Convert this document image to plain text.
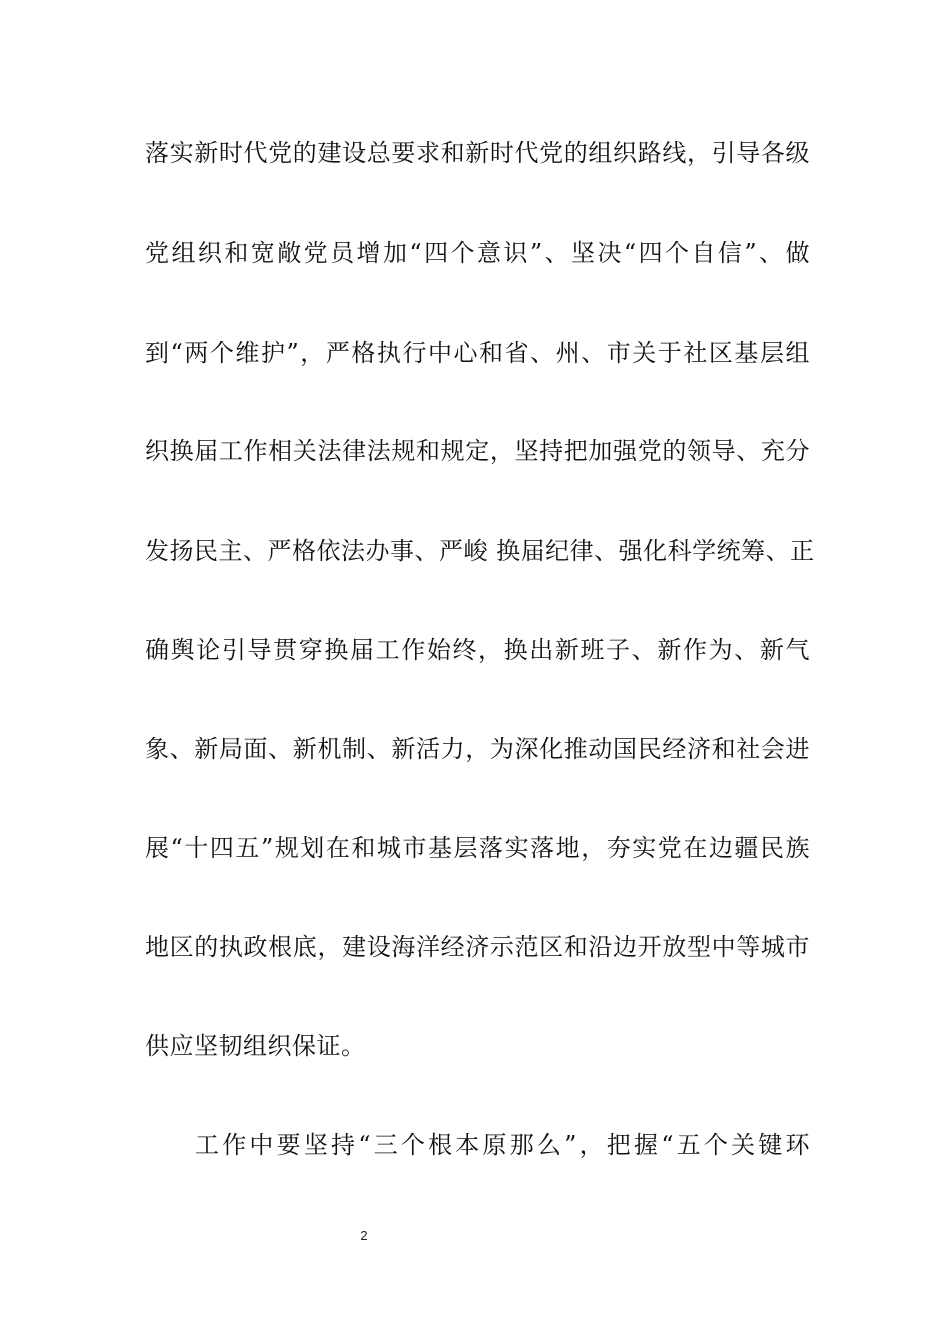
落实新时代党的建设总要求和新时代党的组织路线，引导各级
党组织和宽敞党员增加“四个意识”、坚决“四个自信”、做
到“两个维护”，严格执行中心和省、州、市关于社区基层组
织换届工作相关法律法规和规定，坚持把加强党的领导、充分
发扬民主、严格依法办事、严峻 换届纪律、强化科学统筹、正
确舆论引导贯穿换届工作始终，换出新班子、新作为、新气
象、新局面、新机制、新活力，为深化推动国民经济和社会进
展“十四五”规划在和城市基层落实落地，夯实党在边疆民族
地区的执政根底，建设海洋经济示范区和沿边开放型中等城市
供应坚韧组织保证。
工作中要坚持“三个根本原那么”，把握“五个关键环
2
